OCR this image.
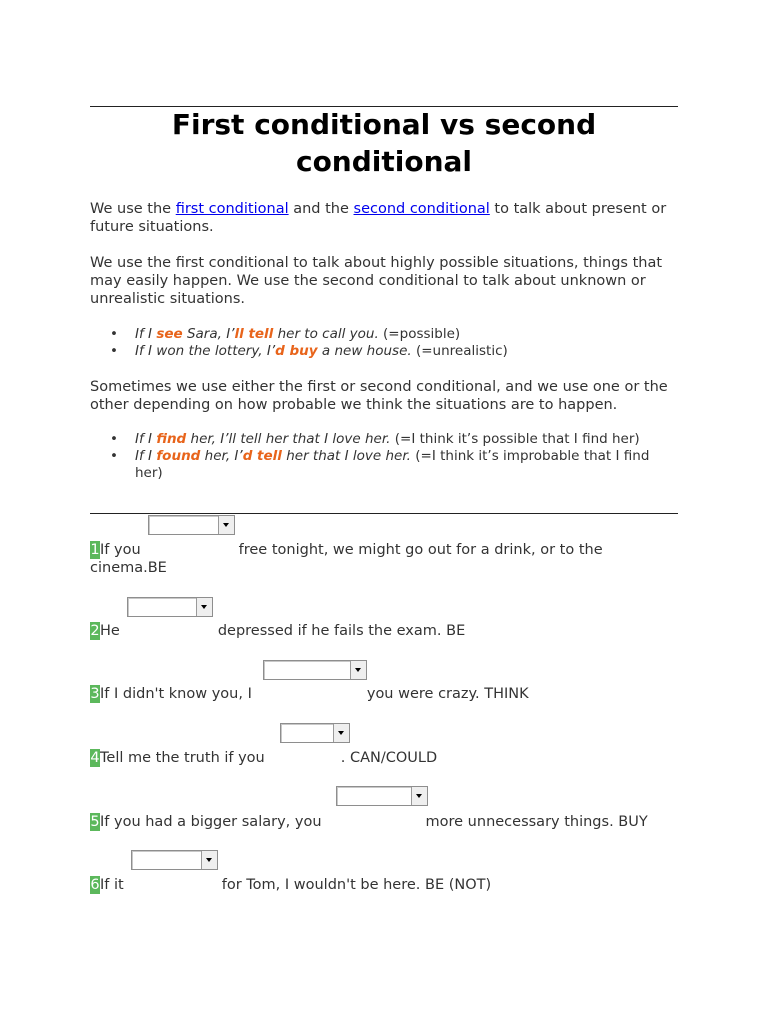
First conditional vs second conditional

We use the first conditional and the second conditional to talk about present or future situations.

We use the first conditional to talk about highly possible situations, things that may easily happen. We use the second conditional to talk about unknown or unrealistic situations.

• If I see Sara, I’ll tell her to call you. (=possible)
• If I won the lottery, I’d buy a new house. (=unrealistic)

Sometimes we use either the first or second conditional, and we use one or the other depending on how probable we think the situations are to happen.

• If I find her, I’ll tell her that I love her. (=I think it’s possible that I find her)
• If I found her, I’d tell her that I love her. (=I think it’s improbable that I find her)
1If you	free tonight, we might go out for a drink, or to the cinema.BE
2He	depressed if he fails the exam. BE
3If I didn't know you, I	you were crazy. THINK
4Tell me the truth if you	. CAN/COULD
5If you had a bigger salary, you	more unnecessary things. BUY
6If it	for Tom, I wouldn't be here. BE (NOT)
